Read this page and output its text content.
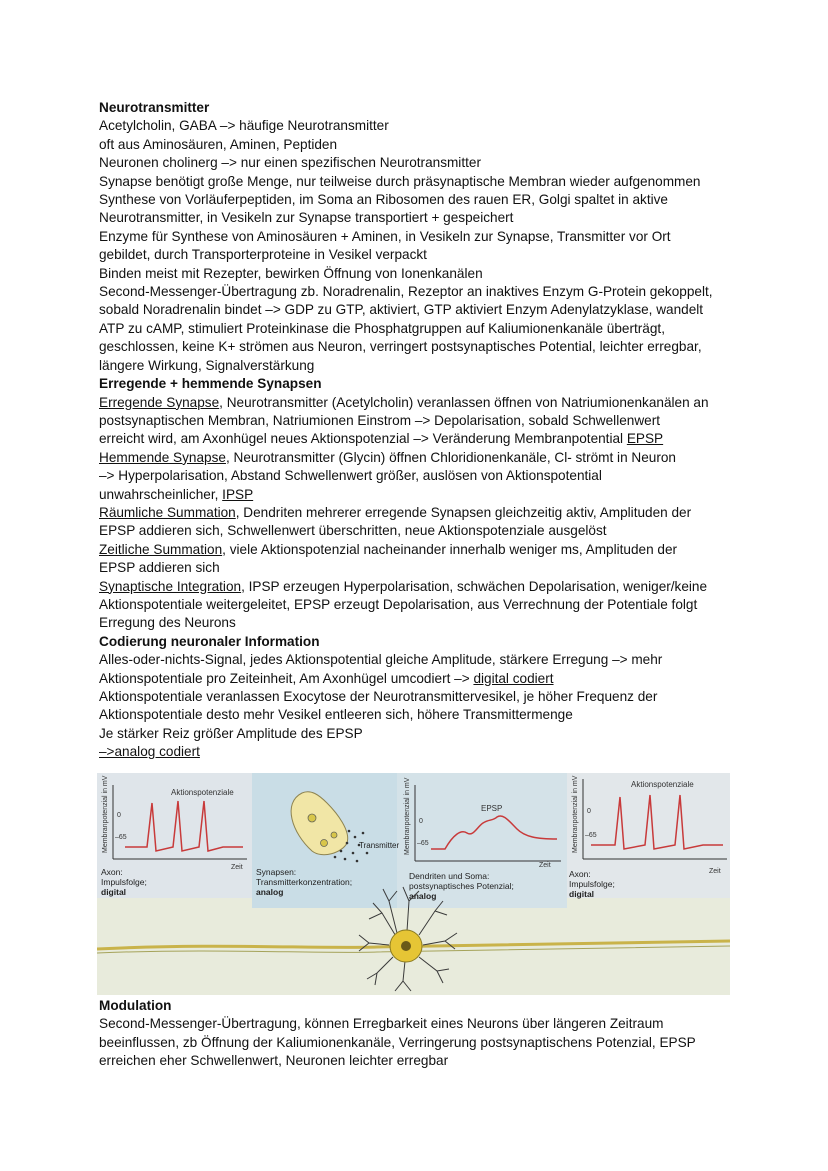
Neurotransmitter

Acetylcholin, GABA –> häufige Neurotransmitter

oft aus Aminosäuren, Aminen, Peptiden

Neuronen cholinerg –> nur einen spezifischen Neurotransmitter

Synapse benötigt große Menge, nur teilweise durch präsynaptische Membran wieder aufgenommen

Synthese von Vorläuferpeptiden, im Soma an Ribosomen des rauen ER, Golgi spaltet in aktive

Neurotransmitter, in Vesikeln zur Synapse transportiert + gespeichert

Enzyme für Synthese von Aminosäuren + Aminen, in Vesikeln zur Synapse, Transmitter vor Ort

gebildet, durch Transporterproteine in Vesikel verpackt

Binden meist mit Rezepter, bewirken Öffnung von Ionenkanälen

Second-Messenger-Übertragung zb. Noradrenalin, Rezeptor an inaktives Enzym G-Protein gekoppelt,

sobald Noradrenalin bindet –> GDP zu GTP, aktiviert, GTP aktiviert Enzym Adenylatzyklase, wandelt

ATP zu cAMP, stimuliert Proteinkinase die Phosphatgruppen auf Kaliumionenkanäle überträgt,

geschlossen, keine K+ strömen aus Neuron, verringert postsynaptisches Potential, leichter erregbar,

längere Wirkung, Signalverstärkung

Erregende + hemmende Synapsen

Erregende Synapse, Neurotransmitter (Acetylcholin) veranlassen öffnen von Natriumionenkanälen an

postsynaptischen Membran, Natriumionen Einstrom –> Depolarisation, sobald Schwellenwert

erreicht wird, am Axonhügel neues Aktionspotenzial –> Veränderung Membranpotential EPSP

Hemmende Synapse, Neurotransmitter (Glycin) öffnen Chloridionenkanäle, Cl- strömt in Neuron

–> Hyperpolarisation, Abstand Schwellenwert größer, auslösen von Aktionspotential

unwahrscheinlicher, IPSP

Räumliche Summation, Dendriten mehrerer erregende Synapsen gleichzeitig aktiv, Amplituden der

EPSP addieren sich, Schwellenwert überschritten, neue Aktionspotenziale ausgelöst

Zeitliche Summation, viele Aktionspotenzial nacheinander innerhalb weniger ms, Amplituden der

EPSP addieren sich

Synaptische Integration, IPSP erzeugen Hyperpolarisation, schwächen Depolarisation, weniger/keine

Aktionspotentiale weitergeleitet, EPSP erzeugt Depolarisation, aus Verrechnung der Potentiale folgt

Erregung des Neurons

Codierung neuronaler Information

Alles-oder-nichts-Signal, jedes Aktionspotential gleiche Amplitude, stärkere Erregung –> mehr

Aktionspotentiale pro Zeiteinheit, Am Axonhügel umcodiert –> digital codiert

Aktionspotentiale veranlassen Exocytose der Neurotransmittervesikel, je höher Frequenz der

Aktionspotentiale desto mehr Vesikel entleeren sich, höhere Transmittermenge

Je stärker Reiz größer Amplitude des EPSP

–>analog codiert

Membranpotenzial in mV	Aktionspotenziale
0
–65
Zeit
Axon:
Impulsfolge;
digital
Transmitter
Synapsen:
Transmitterkonzentration;
analog
Membranpotenzial in mV	EPSP
0
–65
Zeit
Dendriten und Soma:
postsynaptisches Potenzial;
analog
Membranpotenzial in mV	Aktionspotenziale
0
–65
Zeit
Axon:
Impulsfolge;
digital

Modulation

Second-Messenger-Übertragung, können Erregbarkeit eines Neurons über längeren Zeitraum

beeinflussen, zb Öffnung der Kaliumionenkanäle, Verringerung postsynaptischens Potenzial, EPSP

erreichen eher Schwellenwert, Neuronen leichter erregbar
